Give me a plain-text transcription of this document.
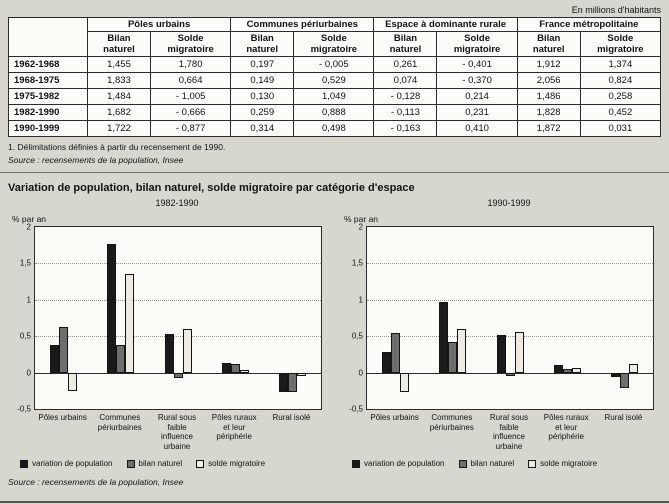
En millions d'habitants
	Pôles urbains		Communes périurbaines		Espace à dominante rurale		France métropolitaine	
	Bilan naturel	Solde migratoire	Bilan naturel	Solde migratoire	Bilan naturel	Solde migratoire	Bilan naturel	Solde migratoire
1962-1968	1,455	1,780	0,197	- 0,005	0,261	- 0,401	1,912	1,374
1968-1975	1,833	0,664	0,149	0,529	0,074	- 0,370	2,056	0,824
1975-1982	1,484	- 1,005	0,130	1,049	- 0,128	0,214	1,486	0,258
1982-1990	1,682	- 0,666	0,259	0,888	- 0,113	0,231	1,828	0,452
1990-1999	1,722	- 0,877	0,314	0,498	- 0,163	0,410	1,872	0,031
1. Délimitations définies à partir du recensement de 1990.
Source : recensements de la population, Insee
Variation de population, bilan naturel, solde migratoire par catégorie d'espace
1982-1990
% par an
-0,5
0
0,5
1
1,5
2
Pôles urbains	Communes périurbaines
Rural sous faible influence urbaine
Pôles ruraux et leur périphérie
Rural isolé
variation de population	bilan naturel	solde migratoire
1990-1999
% par an
-0,5
0
0,5
1
1,5
2
Pôles urbains	Communes périurbaines
Rural sous faible influence urbaine
Pôles ruraux et leur périphérie
Rural isolé
variation de population	bilan naturel	solde migratoire
Source : recensements de la population, Insee
